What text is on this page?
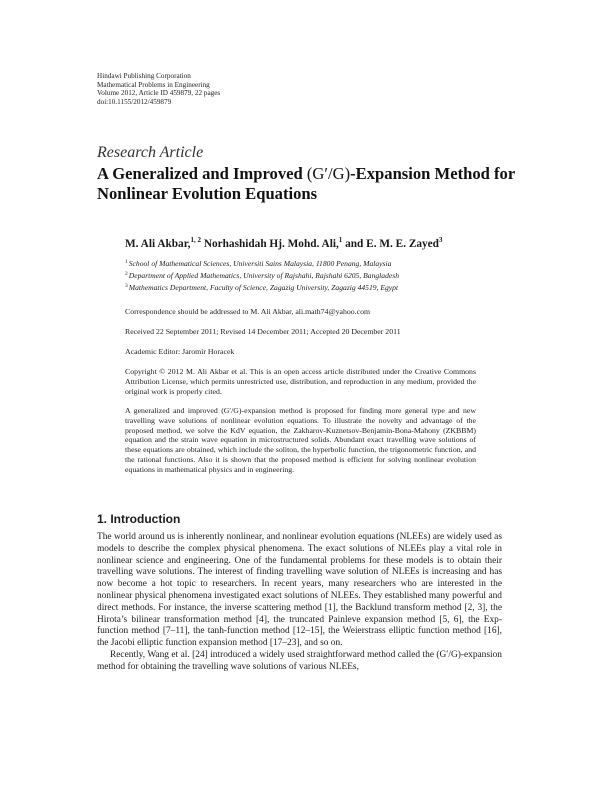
Hindawi Publishing Corporation
Mathematical Problems in Engineering
Volume 2012, Article ID 459879, 22 pages
doi:10.1155/2012/459879
Research Article
A Generalized and Improved (G′/G)-Expansion Method for Nonlinear Evolution Equations
M. Ali Akbar,$^{1, 2}$ Norhashidah Hj. Mohd. Ali,$^1$ and E. M. E. Zayed$^3$
$^1$School of Mathematical Sciences, Universiti Sains Malaysia, 11800 Penang, Malaysia
$^2$Department of Applied Mathematics, University of Rajshahi, Rajshahi 6205, Bangladesh
$^3$Mathematics Department, Faculty of Science, Zagazig University, Zagazig 44519, Egypt
Correspondence should be addressed to M. Ali Akbar, ali.math74@yahoo.com
Received 22 September 2011; Revised 14 December 2011; Accepted 20 December 2011
Academic Editor: Jaromir Horacek
Copyright © 2012 M. Ali Akbar et al. This is an open access article distributed under the Creative Commons Attribution License, which permits unrestricted use, distribution, and reproduction in any medium, provided the original work is properly cited.
A generalized and improved (G′/G)-expansion method is proposed for finding more general type and new travelling wave solutions of nonlinear evolution equations. To illustrate the novelty and advantage of the proposed method, we solve the KdV equation, the Zakharov-Kuznetsov-Benjamin-Bona-Mahony (ZKBBM) equation and the strain wave equation in microstructured solids. Abundant exact travelling wave solutions of these equations are obtained, which include the soliton, the hyperbolic function, the trigonometric function, and the rational functions. Also it is shown that the proposed method is efficient for solving nonlinear evolution equations in mathematical physics and in engineering.
1. Introduction

The world around us is inherently nonlinear, and nonlinear evolution equations (NLEEs) are widely used as models to describe the complex physical phenomena. The exact solutions of NLEEs play a vital role in nonlinear science and engineering. One of the fundamental problems for these models is to obtain their travelling wave solutions. The interest of finding travelling wave solution of NLEEs is increasing and has now become a hot topic to researchers. In recent years, many researchers who are interested in the nonlinear physical phenomena investigated exact solutions of NLEEs. They established many powerful and direct methods. For instance, the inverse scattering method [1], the Backlund transform method [2, 3], the Hirota’s bilinear transformation method [4], the truncated Painleve expansion method [5, 6], the Exp-function method [7–11], the tanh-function method [12–15], the Weierstrass elliptic function method [16], the Jacobi elliptic function expansion method [17–23], and so on.

Recently, Wang et al. [24] introduced a widely used straightforward method called the (G′/G)-expansion method for obtaining the travelling wave solutions of various NLEEs,
